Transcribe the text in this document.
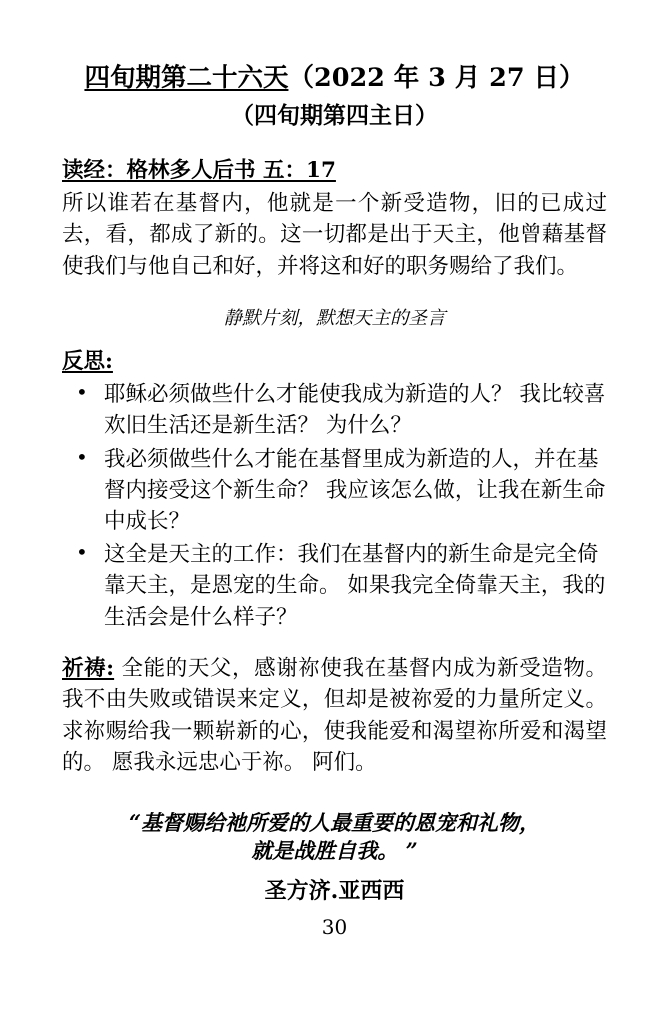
四旬期第二十六天（2022 年 3 月 27 日）
（四旬期第四主日）
读经：格林多人后书 五：17

所以谁若在基督内，他就是一个新受造物，旧的已成过去，看，都成了新的。这一切都是出于天主，他曾藉基督使我们与他自己和好，并将这和好的职务赐给了我们。

静默片刻，默想天主的圣言

反思:
• 耶稣必须做些什么才能使我成为新造的人？ 我比较喜欢旧生活还是新生活？ 为什么？
• 我必须做些什么才能在基督里成为新造的人，并在基督内接受这个新生命？ 我应该怎么做，让我在新生命中成长？
• 这全是天主的工作：我们在基督内的新生命是完全倚靠天主，是恩宠的生命。 如果我完全倚靠天主，我的生活会是什么样子？

祈祷: 全能的天父，感谢祢使我在基督内成为新受造物。 我不由失败或错误来定义，但却是被祢爱的力量所定义。 求祢赐给我一颗崭新的心，使我能爱和渴望祢所爱和渴望的。 愿我永远忠心于祢。 阿们。

“基督赐给祂所爱的人最重要的恩宠和礼物，
就是战胜自我。 ”
圣方济.亚西西
30
